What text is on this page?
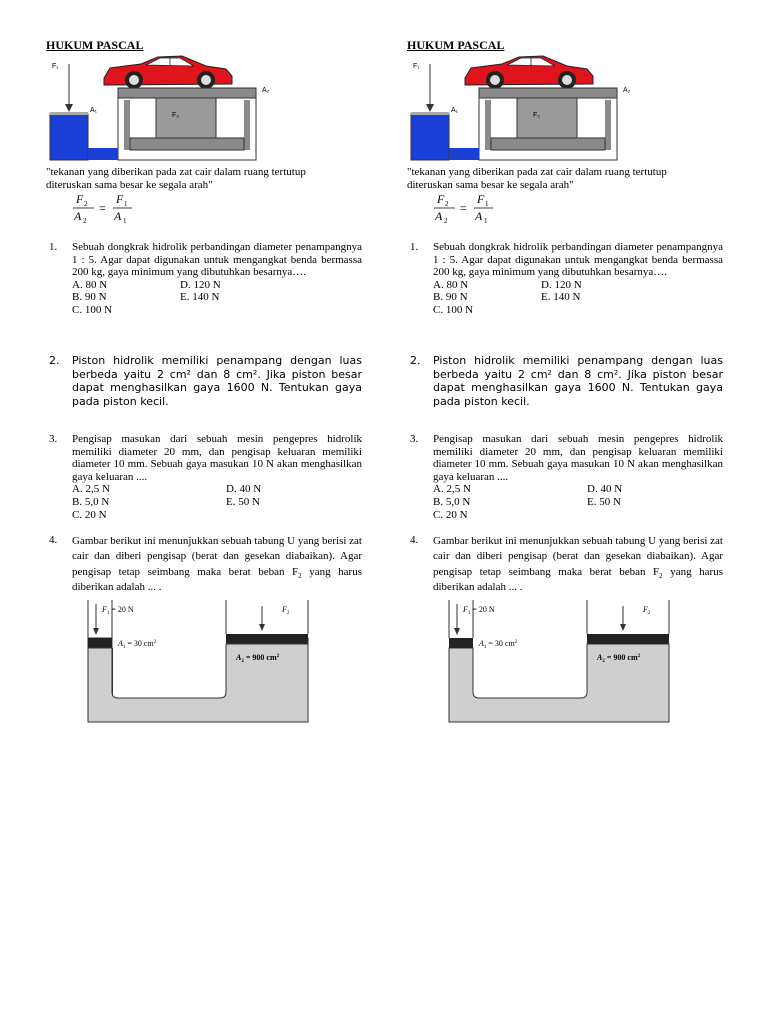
HUKUM PASCAL
F₁
A₁
A₂
F₂
"tekanan yang diberikan pada zat cair dalam ruang tertutup
diteruskan sama besar ke segala arah"
F 2
A 2
=
F 1
A 1
1. Sebuah dongkrak hidrolik perbandingan diameter penampangnya 1 : 5. Agar dapat digunakan untuk mengangkat benda bermassa 200 kg, gaya minimum yang dibutuhkan besarnya….
A. 80 N	D. 120 N
B. 90 N	E. 140 N
C. 100 N
2. Piston hidrolik memiliki penampang dengan luas berbeda yaitu 2 cm² dan 8 cm². Jika piston besar dapat menghasilkan gaya 1600 N. Tentukan gaya pada piston kecil.
3. Pengisap masukan dari sebuah mesin pengepres hidrolik memiliki diameter 20 mm, dan pengisap keluaran memiliki diameter 10 mm. Sebuah gaya masukan 10 N akan menghasilkan gaya keluaran ....
A. 2,5 N	D. 40 N
B. 5,0 N	E. 50 N
C. 20 N
4. Gambar berikut ini menunjukkan sebuah tabung U yang berisi zat cair dan diberi pengisap (berat dan gesekan diabaikan). Agar pengisap tetap seimbang maka berat beban $F_2$ yang harus diberikan adalah ... .
$F_1 = 20$ N
$A_1 = 30$ $cm^2$
$F_2$
$A_2 = 900$ $cm^2$
HUKUM PASCAL
F₁
A₁
A₂
F₂
"tekanan yang diberikan pada zat cair dalam ruang tertutup
diteruskan sama besar ke segala arah"
F 2
A 2
=
F 1
A 1
1. Sebuah dongkrak hidrolik perbandingan diameter penampangnya 1 : 5. Agar dapat digunakan untuk mengangkat benda bermassa 200 kg, gaya minimum yang dibutuhkan besarnya….
A. 80 N	D. 120 N
B. 90 N	E. 140 N
C. 100 N
2. Piston hidrolik memiliki penampang dengan luas berbeda yaitu 2 cm² dan 8 cm². Jika piston besar dapat menghasilkan gaya 1600 N. Tentukan gaya pada piston kecil.
3. Pengisap masukan dari sebuah mesin pengepres hidrolik memiliki diameter 20 mm, dan pengisap keluaran memiliki diameter 10 mm. Sebuah gaya masukan 10 N akan menghasilkan gaya keluaran ....
A. 2,5 N	D. 40 N
B. 5,0 N	E. 50 N
C. 20 N
4. Gambar berikut ini menunjukkan sebuah tabung U yang berisi zat cair dan diberi pengisap (berat dan gesekan diabaikan). Agar pengisap tetap seimbang maka berat beban $F_2$ yang harus diberikan adalah ... .
$F_1 = 20$ N
$A_1 = 30$ $cm^2$
$F_2$
$A_2 = 900$ $cm^2$
